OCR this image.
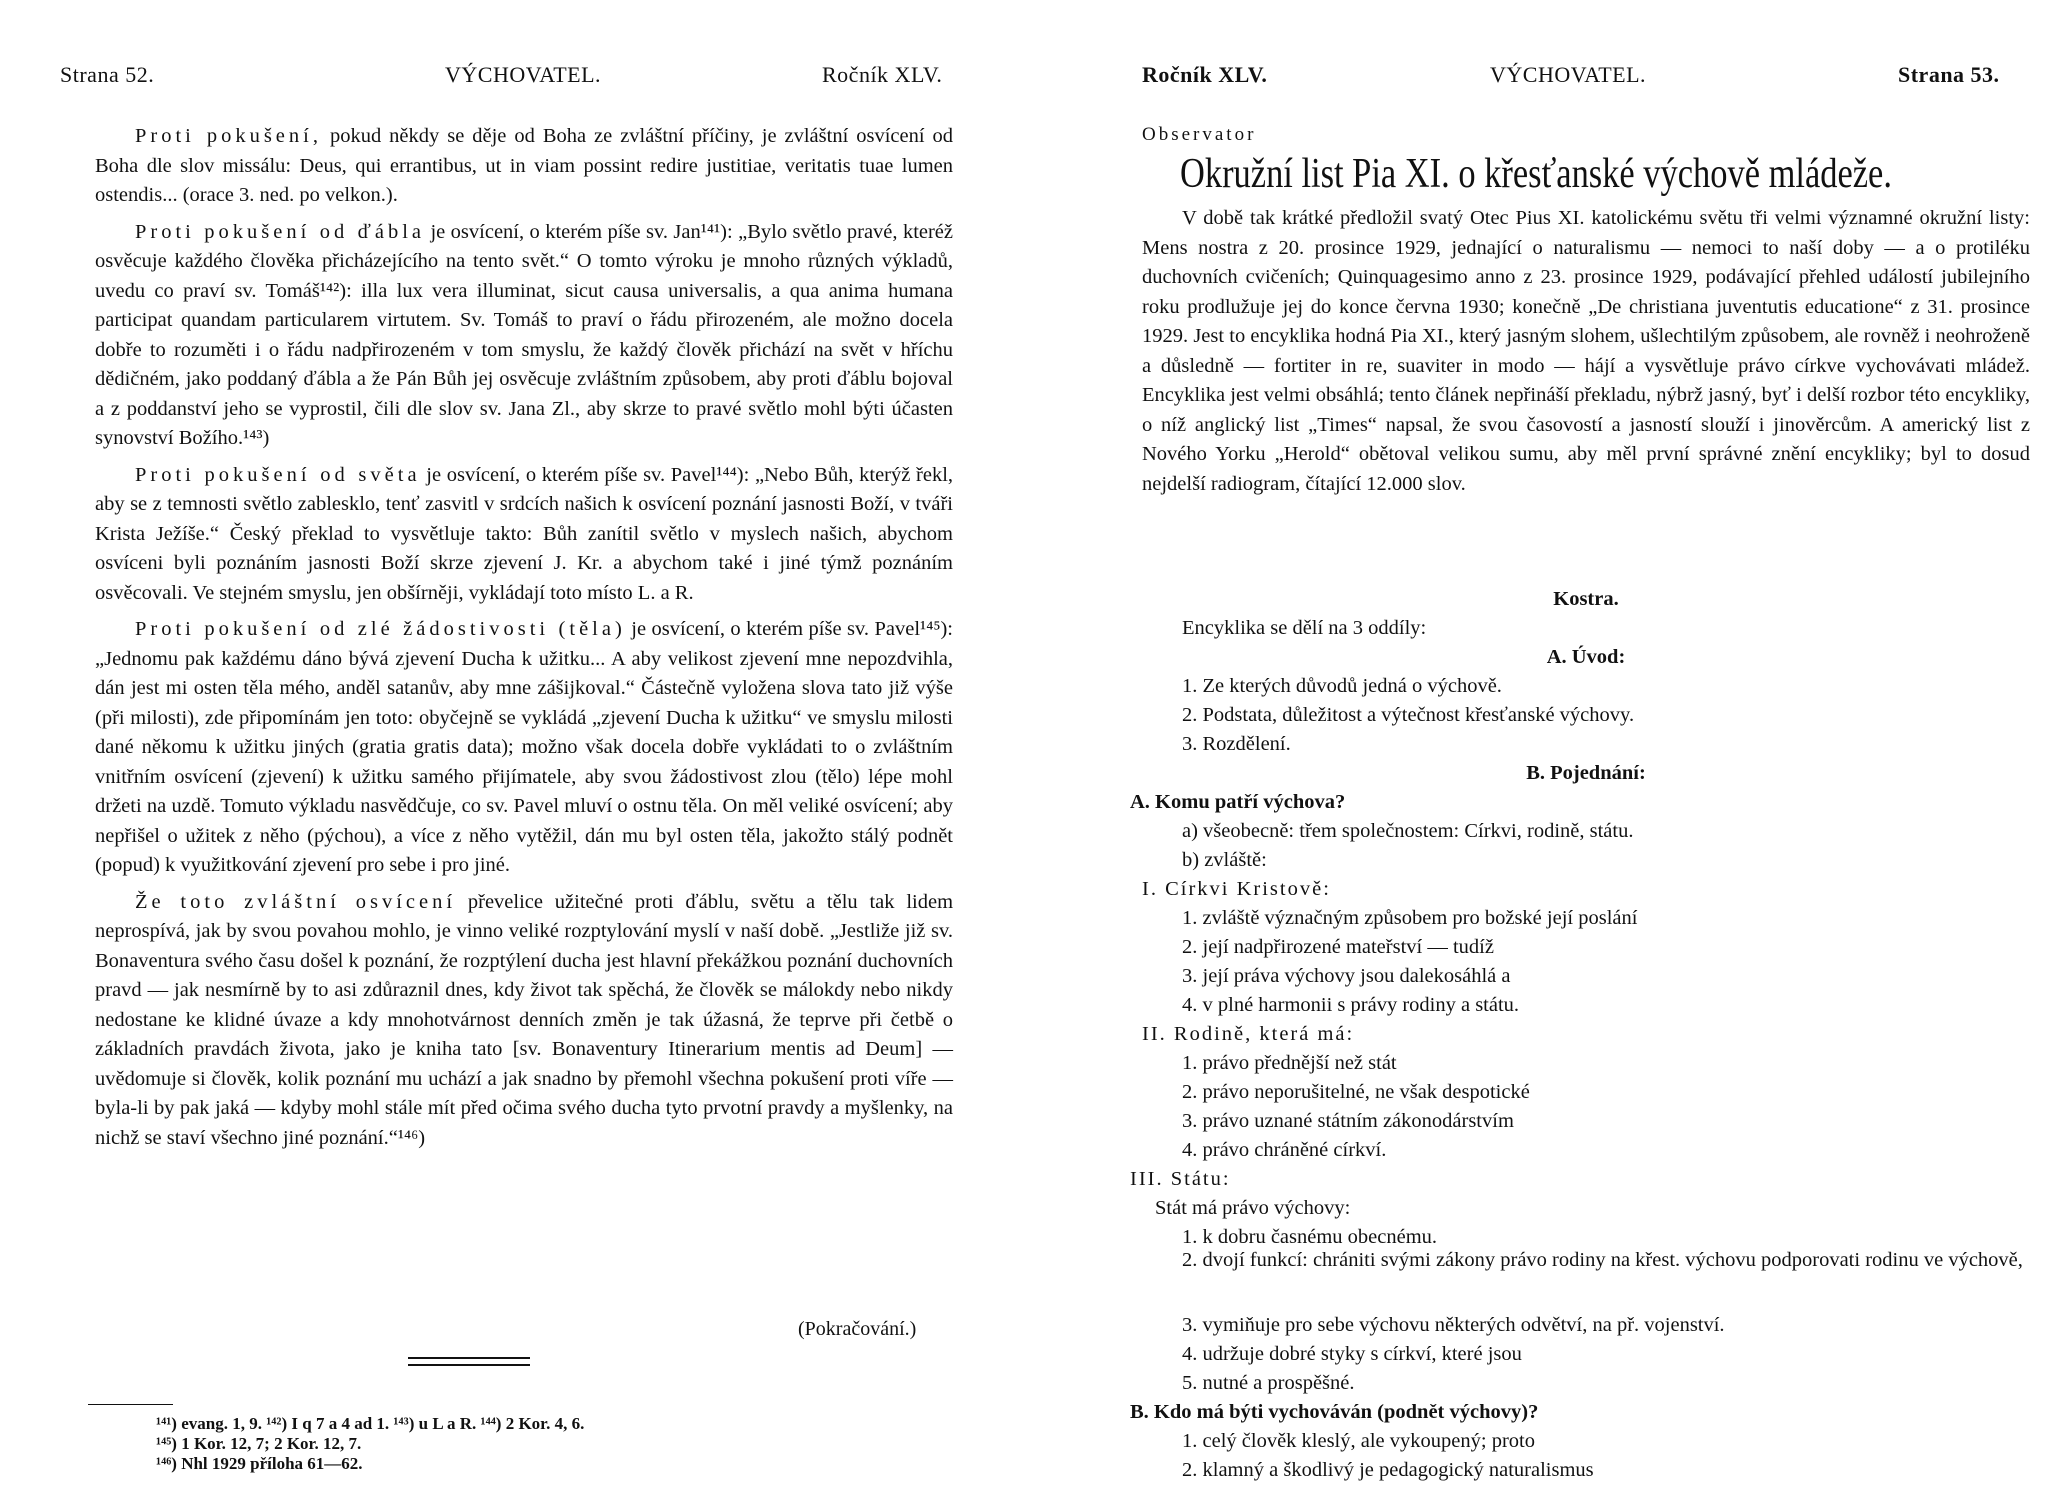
Strana 52.	VÝCHOVATEL.	Ročník XLV.

Proti pokušení, pokud někdy se děje od Boha ze zvláštní příčiny, je zvláštní osvícení od Boha dle slov missálu: Deus, qui errantibus, ut in viam possint redire justitiae, veritatis tuae lumen ostendis... (orace 3. ned. po velkon.).

Proti pokušení od ďábla je osvícení, o kterém píše sv. Jan¹⁴¹): „Bylo světlo pravé, kteréž osvěcuje každého člověka přicházejícího na tento svět.“ O tomto výroku je mnoho různých výkladů, uvedu co praví sv. Tomáš¹⁴²): illa lux vera illuminat, sicut causa universalis, a qua anima humana participat quandam particularem virtutem. Sv. Tomáš to praví o řádu přirozeném, ale možno docela dobře to rozuměti i o řádu nadpřirozeném v tom smyslu, že každý člověk přichází na svět v hříchu dědičném, jako poddaný ďábla a že Pán Bůh jej osvěcuje zvláštním způsobem, aby proti ďáblu bojoval a z poddanství jeho se vyprostil, čili dle slov sv. Jana Zl., aby skrze to pravé světlo mohl býti účasten synovství Božího.¹⁴³)

Proti pokušení od světa je osvícení, o kterém píše sv. Pavel¹⁴⁴): „Nebo Bůh, kterýž řekl, aby se z temnosti světlo zablesklo, tenť zasvitl v srdcích našich k osvícení poznání jasnosti Boží, v tváři Krista Ježíše.“ Český překlad to vysvětluje takto: Bůh zanítil světlo v myslech našich, abychom osvíceni byli poznáním jasnosti Boží skrze zjevení J. Kr. a abychom také i jiné týmž poznáním osvěcovali. Ve stejném smyslu, jen obšírněji, vykládají toto místo L. a R.

Proti pokušení od zlé žádostivosti (těla) je osvícení, o kterém píše sv. Pavel¹⁴⁵): „Jednomu pak každému dáno bývá zjevení Ducha k užitku... A aby velikost zjevení mne nepozdvihla, dán jest mi osten těla mého, anděl satanův, aby mne zášijkoval.“ Částečně vyložena slova tato již výše (při milosti), zde připomínám jen toto: obyčejně se vykládá „zjevení Ducha k užitku“ ve smyslu milosti dané někomu k užitku jiných (gratia gratis data); možno však docela dobře vykládati to o zvláštním vnitřním osvícení (zjevení) k užitku samého přijímatele, aby svou žádostivost zlou (tělo) lépe mohl držeti na uzdě. Tomuto výkladu nasvědčuje, co sv. Pavel mluví o ostnu těla. On měl veliké osvícení; aby nepřišel o užitek z něho (pýchou), a více z něho vytěžil, dán mu byl osten těla, jakožto stálý podnět (popud) k využitkování zjevení pro sebe i pro jiné.

Že toto zvláštní osvícení převelice užitečné proti ďáblu, světu a tělu tak lidem neprospívá, jak by svou povahou mohlo, je vinno veliké rozptylování myslí v naší době. „Jestliže již sv. Bonaventura svého času došel k poznání, že rozptýlení ducha jest hlavní překážkou poznání duchovních pravd — jak nesmírně by to asi zdůraznil dnes, kdy život tak spěchá, že člověk se málokdy nebo nikdy nedostane ke klidné úvaze a kdy mnohotvárnost denních změn je tak úžasná, že teprve při četbě o základních pravdách života, jako je kniha tato [sv. Bonaventury Itinerarium mentis ad Deum] — uvědomuje si člověk, kolik poznání mu uchází a jak snadno by přemohl všechna pokušení proti víře — byla-li by pak jaká — kdyby mohl stále mít před očima svého ducha tyto prvotní pravdy a myšlenky, na nichž se staví všechno jiné poznání.“¹⁴⁶)

(Pokračování.)
¹⁴¹) evang. 1, 9. ¹⁴²) I q 7 a 4 ad 1. ¹⁴³) u L a R. ¹⁴⁴) 2 Kor. 4, 6.
¹⁴⁵) 1 Kor. 12, 7; 2 Kor. 12, 7.
¹⁴⁶) Nhl 1929 příloha 61—62.
Ročník XLV.	VÝCHOVATEL.	Strana 53.
Observator
Okružní list Pia XI. o křesťanské výchově mládeže.

V době tak krátké předložil svatý Otec Pius XI. katolickému světu tři velmi významné okružní listy: Mens nostra z 20. prosince 1929, jednající o naturalismu — nemoci to naší doby — a o protiléku duchovních cvičeních; Quinquagesimo anno z 23. prosince 1929, podávající přehled událostí jubilejního roku prodlužuje jej do konce června 1930; konečně „De christiana juventutis educatione“ z 31. prosince 1929. Jest to encyklika hodná Pia XI., který jasným slohem, ušlechtilým způsobem, ale rovněž i neohroženě a důsledně — fortiter in re, suaviter in modo — hájí a vysvětluje právo církve vychovávati mládež. Encyklika jest velmi obsáhlá; tento článek nepřináší překladu, nýbrž jasný, byť i delší rozbor této encykliky, o níž anglický list „Times“ napsal, že svou časovostí a jasností slouží i jinověrcům. A americký list z Nového Yorku „Herold“ obětoval velikou sumu, aby měl první správné znění encykliky; byl to dosud nejdelší radiogram, čítající 12.000 slov.

Kostra.
Encyklika se dělí na 3 oddíly:
A. Úvod:
1. Ze kterých důvodů jedná o výchově.
2. Podstata, důležitost a výtečnost křesťanské výchovy.
3. Rozdělení.
B. Pojednání:
A. Komu patří výchova?
a) všeobecně: třem společnostem: Církvi, rodině, státu.
b) zvláště:
I. Církvi Kristově:
1. zvláště význačným způsobem pro božské její poslání
2. její nadpřirozené mateřství — tudíž
3. její práva výchovy jsou dalekosáhlá a
4. v plné harmonii s právy rodiny a státu.
II. Rodině, která má:
1. právo přednější než stát
2. právo neporušitelné, ne však despotické
3. právo uznané státním zákonodárstvím
4. právo chráněné církví.
III. Státu:
Stát má právo výchovy:
1. k dobru časnému obecnému.

2. dvojí funkcí: chrániti svými zákony právo rodiny na křest. výchovu podporovati rodinu ve výchově,

3. vymiňuje pro sebe výchovu některých odvětví, na př. vojenství.
4. udržuje dobré styky s církví, které jsou
5. nutné a prospěšné.
B. Kdo má býti vychováván (podnět výchovy)?
1. celý člověk kleslý, ale vykoupený; proto
2. klamný a škodlivý je pedagogický naturalismus
